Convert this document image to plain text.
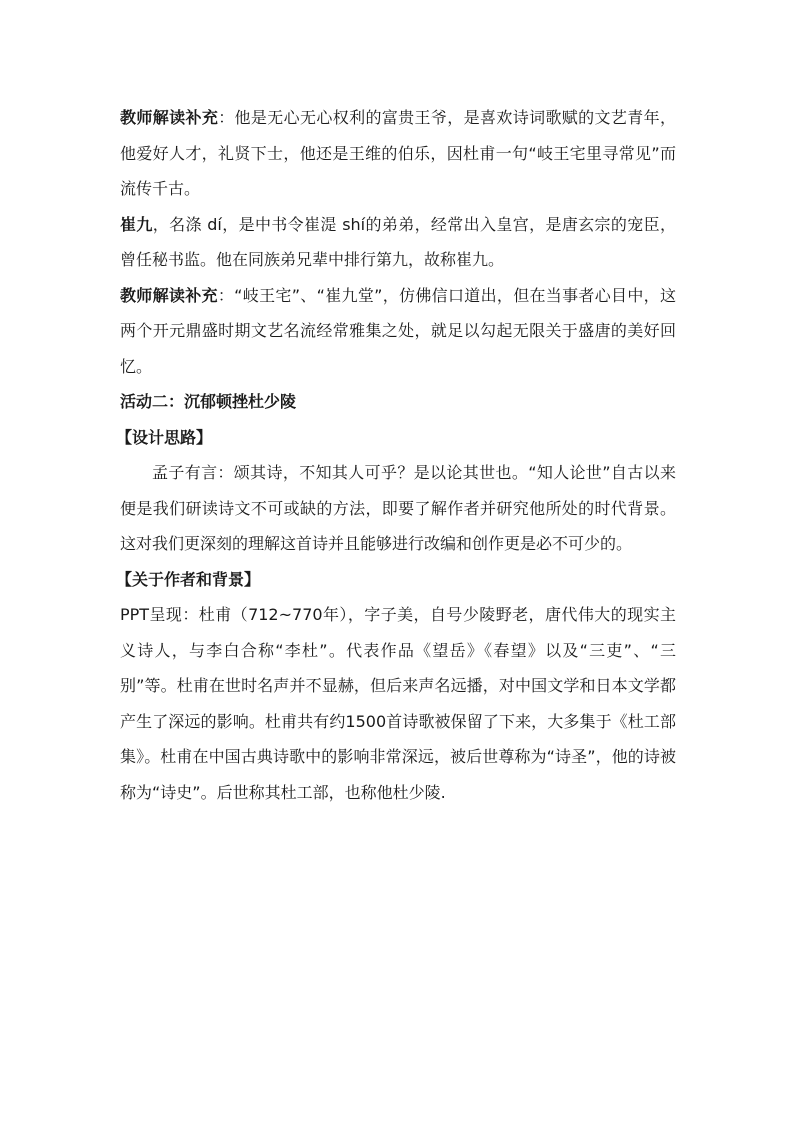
教师解读补充：他是无心无心权利的富贵王爷，是喜欢诗词歌赋的文艺青年，他爱好人才，礼贤下士，他还是王维的伯乐，因杜甫一句“岐王宅里寻常见”而流传千古。

崔九，名涤 dí，是中书令崔湜 shí的弟弟，经常出入皇宫，是唐玄宗的宠臣，曾任秘书监。他在同族弟兄辈中排行第九，故称崔九。

教师解读补充：“岐王宅”、“崔九堂”，仿佛信口道出，但在当事者心目中，这两个开元鼎盛时期文艺名流经常雅集之处，就足以勾起无限关于盛唐的美好回忆。

活动二：沉郁顿挫杜少陵

【设计思路】

孟子有言：颂其诗，不知其人可乎？是以论其世也。“知人论世”自古以来便是我们研读诗文不可或缺的方法，即要了解作者并研究他所处的时代背景。这对我们更深刻的理解这首诗并且能够进行改编和创作更是必不可少的。

【关于作者和背景】

PPT呈现：杜甫（712~770年），字子美，自号少陵野老，唐代伟大的现实主义诗人，与李白合称“李杜”。代表作品《望岳》《春望》以及“三吏”、“三别”等。杜甫在世时名声并不显赫，但后来声名远播，对中国文学和日本文学都产生了深远的影响。杜甫共有约1500首诗歌被保留了下来，大多集于《杜工部集》。杜甫在中国古典诗歌中的影响非常深远，被后世尊称为“诗圣”，他的诗被称为“诗史”。后世称其杜工部，也称他杜少陵.
